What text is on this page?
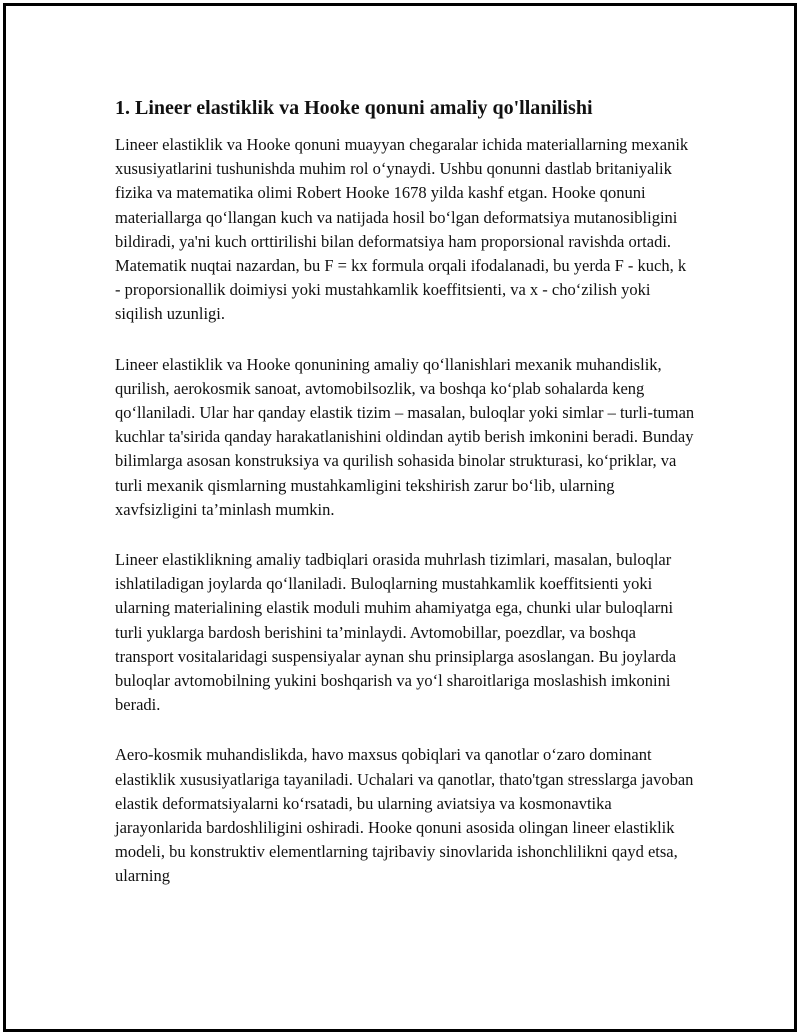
1. Lineer elastiklik va Hooke qonuni amaliy qo'llanilishi

Lineer elastiklik va Hooke qonuni muayyan chegaralar ichida materiallarning mexanik xususiyatlarini tushunishda muhim rol o‘ynaydi. Ushbu qonunni dastlab britaniyalik fizika va matematika olimi Robert Hooke 1678 yilda kashf etgan. Hooke qonuni materiallarga qo‘llangan kuch va natijada hosil bo‘lgan deformatsiya mutanosibligini bildiradi, ya'ni kuch orttirilishi bilan deformatsiya ham proporsional ravishda ortadi. Matematik nuqtai nazardan, bu F = kx formula orqali ifodalanadi, bu yerda F - kuch, k - proporsionallik doimiysi yoki mustahkamlik koeffitsienti, va x - cho‘zilish yoki siqilish uzunligi.

Lineer elastiklik va Hooke qonunining amaliy qo‘llanishlari mexanik muhandislik, qurilish, aerokosmik sanoat, avtomobilsozlik, va boshqa ko‘plab sohalarda keng qo‘llaniladi. Ular har qanday elastik tizim – masalan, buloqlar yoki simlar – turli-tuman kuchlar ta'sirida qanday harakatlanishini oldindan aytib berish imkonini beradi. Bunday bilimlarga asosan konstruksiya va qurilish sohasida binolar strukturasi, ko‘priklar, va turli mexanik qismlarning mustahkamligini tekshirish zarur bo‘lib, ularning xavfsizligini ta’minlash mumkin.

Lineer elastiklikning amaliy tadbiqlari orasida muhrlash tizimlari, masalan, buloqlar ishlatiladigan joylarda qo‘llaniladi. Buloqlarning mustahkamlik koeffitsienti yoki ularning materialining elastik moduli muhim ahamiyatga ega, chunki ular buloqlarni turli yuklarga bardosh berishini ta’minlaydi. Avtomobillar, poezdlar, va boshqa transport vositalaridagi suspensiyalar aynan shu prinsiplarga asoslangan. Bu joylarda buloqlar avtomobilning yukini boshqarish va yo‘l sharoitlariga moslashish imkonini beradi.

Aero-kosmik muhandislikda, havo maxsus qobiqlari va qanotlar o‘zaro dominant elastiklik xususiyatlariga tayaniladi. Uchalari va qanotlar, thato'tgan stresslarga javoban elastik deformatsiyalarni ko‘rsatadi, bu ularning aviatsiya va kosmonavtika jarayonlarida bardoshliligini oshiradi. Hooke qonuni asosida olingan lineer elastiklik modeli, bu konstruktiv elementlarning tajribaviy sinovlarida ishonchlilikni qayd etsa, ularning
